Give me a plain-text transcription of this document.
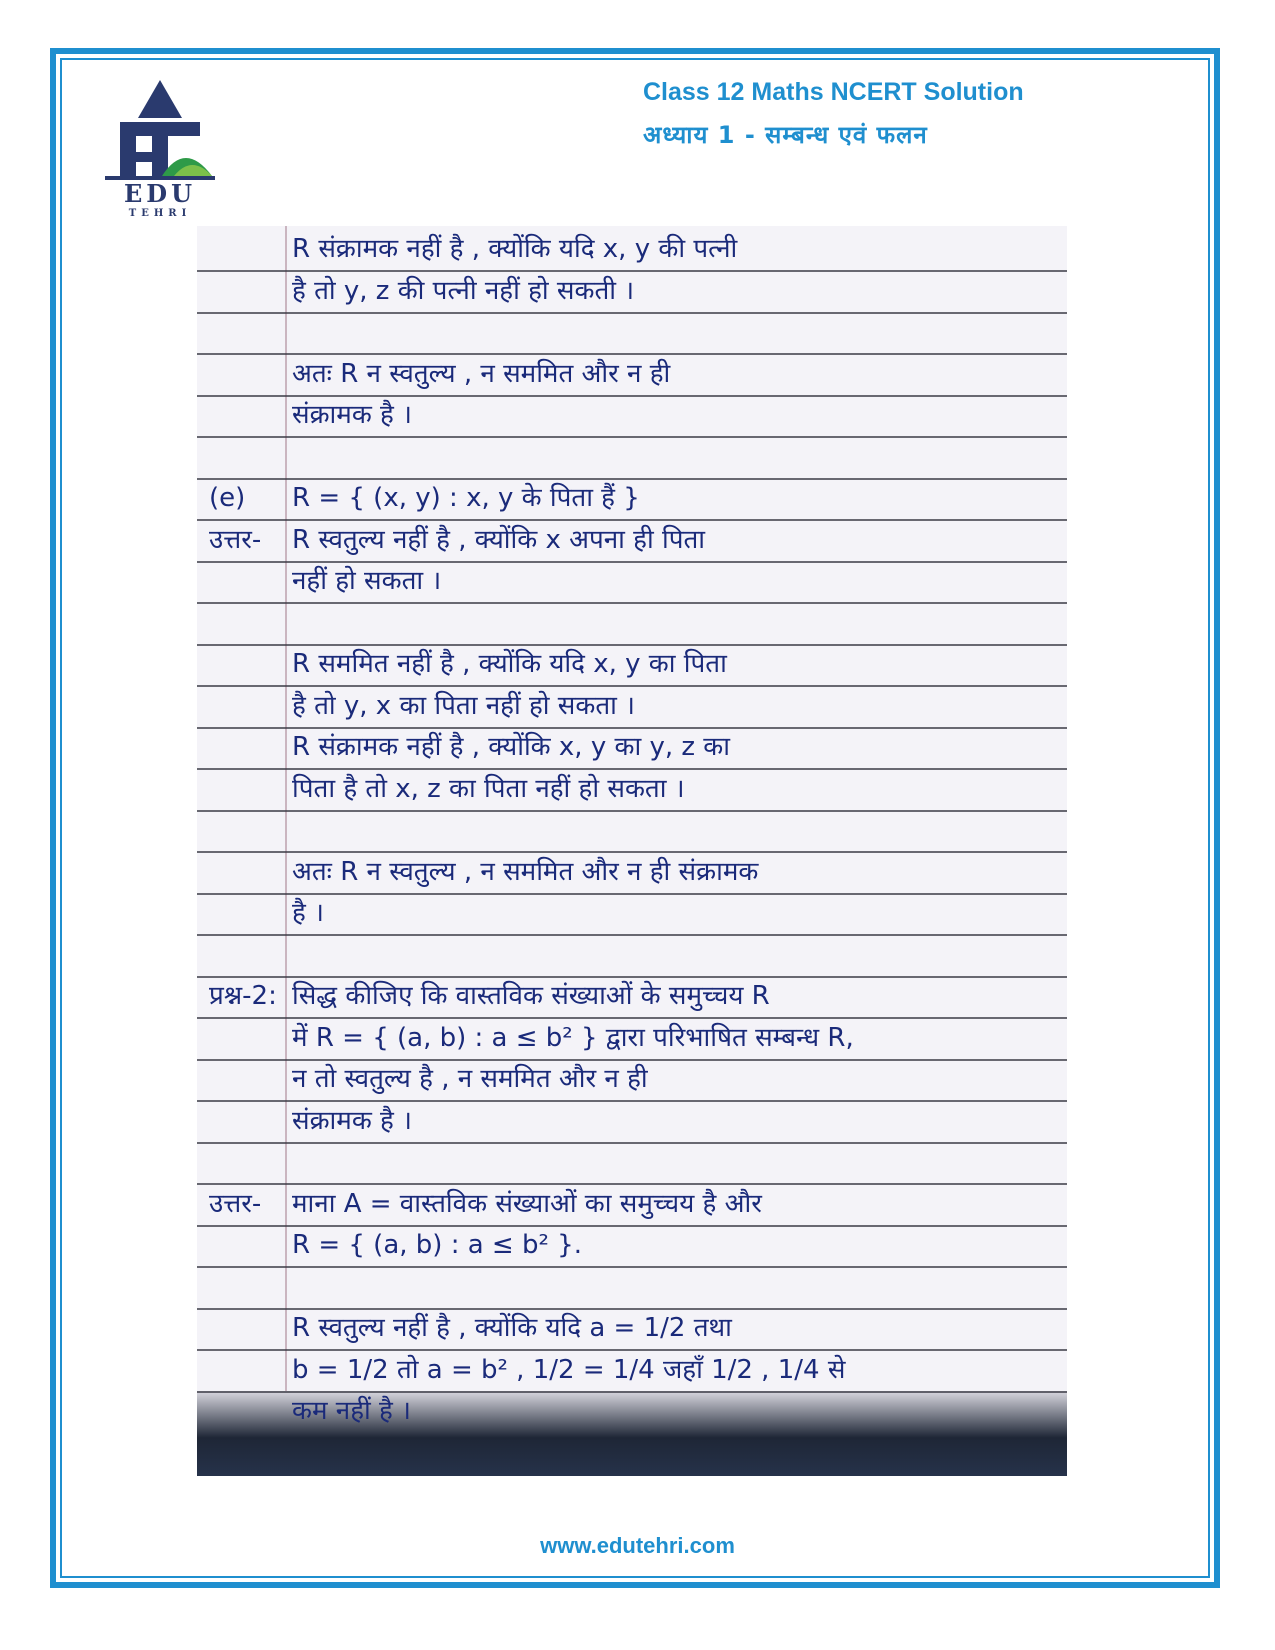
EDU
TEHRI

Class 12 Maths NCERT Solution

अध्याय 1 - सम्बन्ध एवं फलन

R संक्रामक नहीं है , क्योंकि यदि x, y की पत्नी
है तो y, z की पत्नी नहीं हो सकती ।
अतः R न स्वतुल्य , न सममित और न ही
संक्रामक है ।
(e) R = { (x, y) : x, y के पिता हैं }
उत्तर- R स्वतुल्य नहीं है , क्योंकि x अपना ही पिता
नहीं हो सकता ।
R सममित नहीं है , क्योंकि यदि x, y का पिता
है तो y, x का पिता नहीं हो सकता ।
R संक्रामक नहीं है , क्योंकि x, y का y, z का
पिता है तो x, z का पिता नहीं हो सकता ।
अतः R न स्वतुल्य , न सममित और न ही संक्रामक
है ।
प्रश्न-2: सिद्ध कीजिए कि वास्तविक संख्याओं के समुच्चय R
में R = { (a, b) : a ≤ b² } द्वारा परिभाषित सम्बन्ध R,
न तो स्वतुल्य है , न सममित और न ही
संक्रामक है ।
उत्तर- माना A = वास्तविक संख्याओं का समुच्चय है और
R = { (a, b) : a ≤ b² }.
R स्वतुल्य नहीं है , क्योंकि यदि a = 1/2 तथा
b = 1/2 तो a = b² , 1/2 = 1/4 जहाँ 1/2 , 1/4 से
कम नहीं है ।
www.edutehri.com
